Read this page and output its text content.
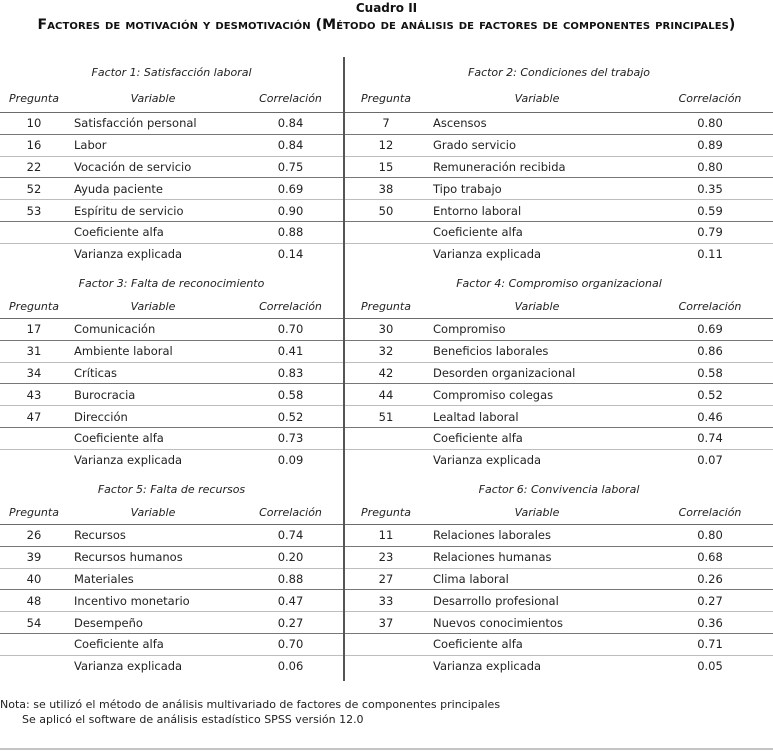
Cuadro II
Factores de motivación y desmotivación (Método de análisis de factores de componentes principales)
Factor 1: Satisfacción laboral
Pregunta	Variable	Correlación
10	Satisfacción personal	0.84
16	Labor	0.84
22	Vocación de servicio	0.75
52	Ayuda paciente	0.69
53	Espíritu de servicio	0.90
	Coeficiente alfa	0.88
	Varianza explicada	0.14
Factor 2: Condiciones del trabajo
Pregunta	Variable	Correlación
7	Ascensos	0.80
12	Grado servicio	0.89
15	Remuneración recibida	0.80
38	Tipo trabajo	0.35
50	Entorno laboral	0.59
	Coeficiente alfa	0.79
	Varianza explicada	0.11
Factor 3: Falta de reconocimiento
Pregunta	Variable	Correlación
17	Comunicación	0.70
31	Ambiente laboral	0.41
34	Críticas	0.83
43	Burocracia	0.58
47	Dirección	0.52
	Coeficiente alfa	0.73
	Varianza explicada	0.09
Factor 4: Compromiso organizacional
Pregunta	Variable	Correlación
30	Compromiso	0.69
32	Beneficios laborales	0.86
42	Desorden organizacional	0.58
44	Compromiso colegas	0.52
51	Lealtad laboral	0.46
	Coeficiente alfa	0.74
	Varianza explicada	0.07
Factor 5: Falta de recursos
Pregunta	Variable	Correlación
26	Recursos	0.74
39	Recursos humanos	0.20
40	Materiales	0.88
48	Incentivo monetario	0.47
54	Desempeño	0.27
	Coeficiente alfa	0.70
	Varianza explicada	0.06
Factor 6: Convivencia laboral
Pregunta	Variable	Correlación
11	Relaciones laborales	0.80
23	Relaciones humanas	0.68
27	Clima laboral	0.26
33	Desarrollo profesional	0.27
37	Nuevos conocimientos	0.36
	Coeficiente alfa	0.71
	Varianza explicada	0.05
Nota: se utilizó el método de análisis multivariado de factores de componentes principales
Se aplicó el software de análisis estadístico SPSS versión 12.0
